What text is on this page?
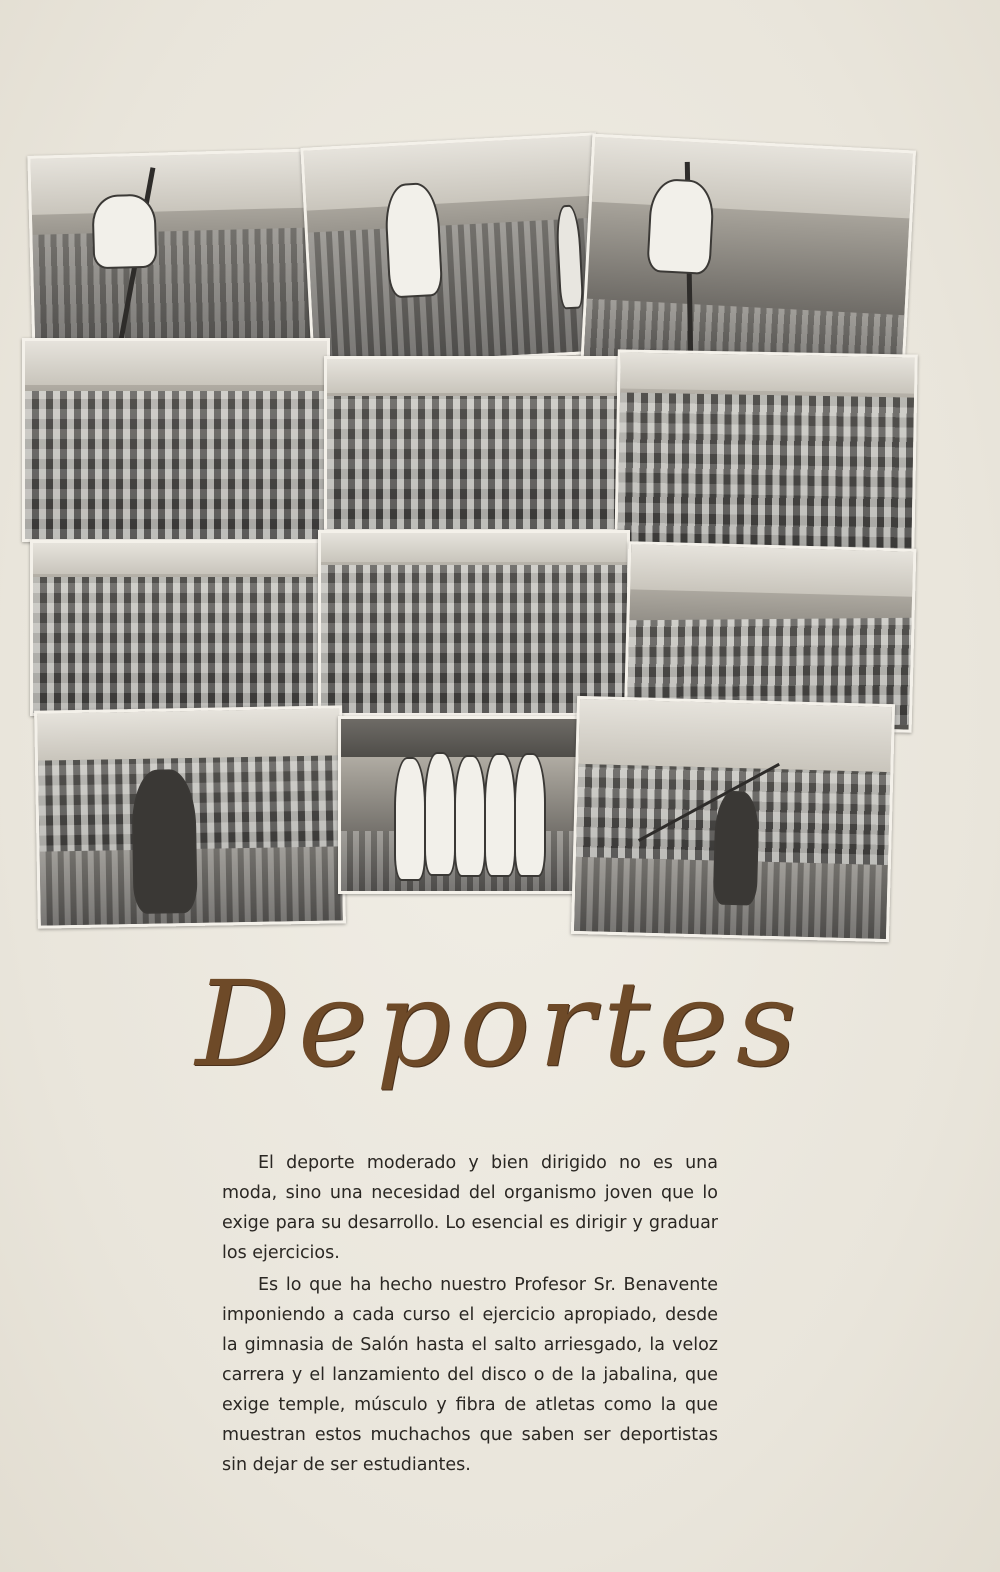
Deportes

El deporte moderado y bien dirigido no es una moda, sino una necesidad del organismo joven que lo exige para su desarrollo. Lo esencial es dirigir y graduar los ejercicios.

Es lo que ha hecho nuestro Profesor Sr. Benavente imponiendo a cada curso el ejercicio apropiado, desde la gimnasia de Salón hasta el salto arriesgado, la veloz carrera y el lanzamiento del disco o de la jabalina, que exige temple, músculo y fibra de atletas como la que muestran estos muchachos que saben ser deportistas sin dejar de ser estudiantes.
